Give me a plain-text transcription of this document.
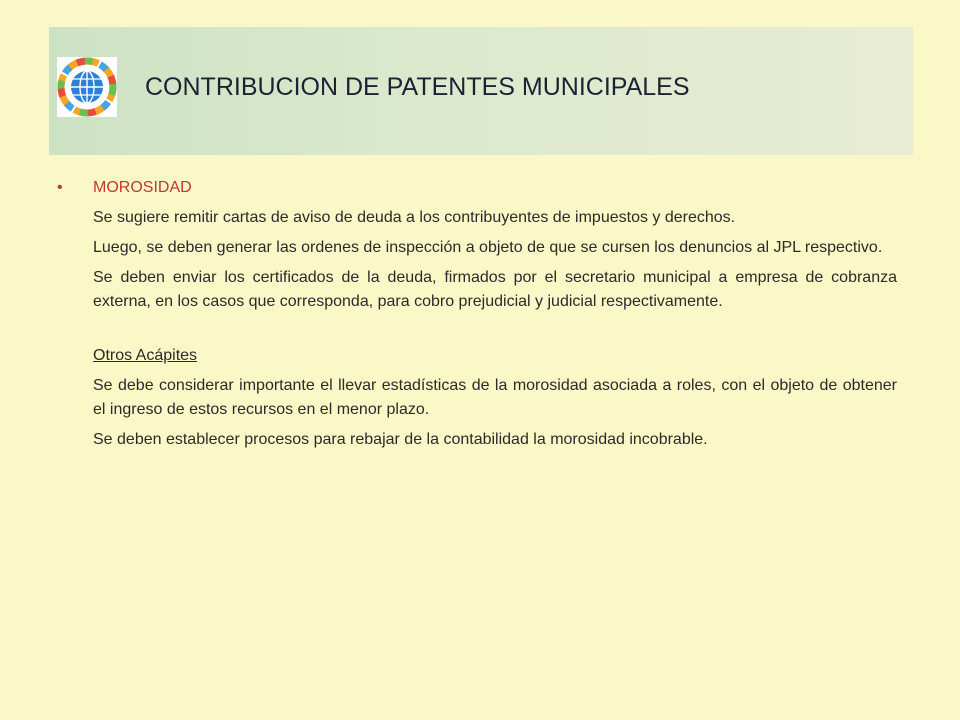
CONTRIBUCION DE PATENTES MUNICIPALES
• MOROSIDAD
Se sugiere remitir cartas de aviso de deuda a los contribuyentes de impuestos y derechos.
Luego, se deben generar las ordenes de inspección a objeto de que se cursen los denuncios al JPL respectivo.
Se deben enviar los certificados de la deuda, firmados por el secretario municipal a empresa de cobranza externa, en los casos que corresponda, para cobro prejudicial y judicial respectivamente.
Otros Acápites
Se debe considerar importante el llevar estadísticas de la morosidad asociada a roles, con el objeto de obtener el ingreso de estos recursos en el menor plazo.
Se deben establecer procesos para rebajar de la contabilidad la morosidad incobrable.
